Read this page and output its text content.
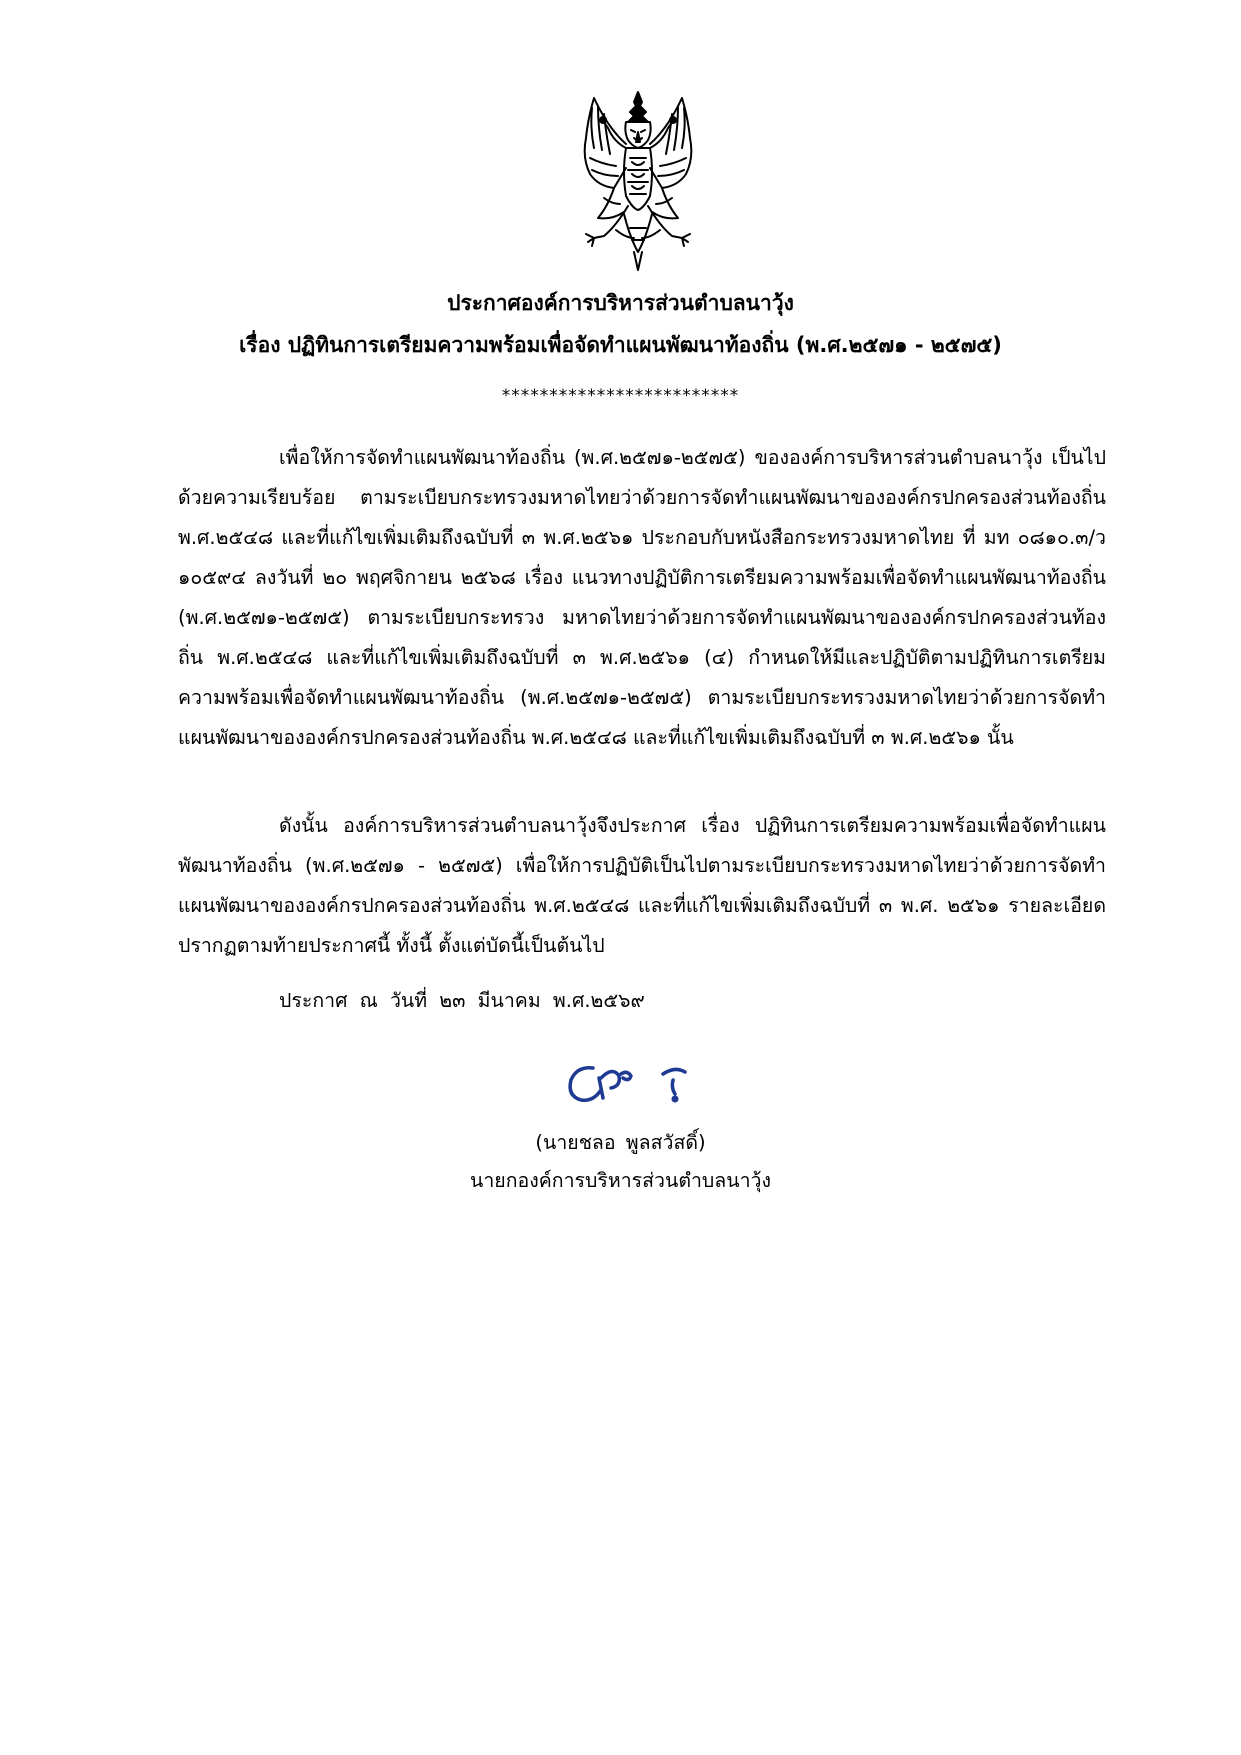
ประกาศองค์การบริหารส่วนตำบลนาวุ้ง
เรื่อง ปฏิทินการเตรียมความพร้อมเพื่อจัดทำแผนพัฒนาท้องถิ่น (พ.ศ.๒๕๗๑ - ๒๕๗๕)
*************************

เพื่อให้การจัดทำแผนพัฒนาท้องถิ่น (พ.ศ.๒๕๗๑-๒๕๗๕) ขององค์การบริหารส่วนตำบลนาวุ้ง เป็นไปด้วยความเรียบร้อย ตามระเบียบกระทรวงมหาดไทยว่าด้วยการจัดทำแผนพัฒนาขององค์กรปกครองส่วนท้องถิ่น พ.ศ.๒๕๔๘ และที่แก้ไขเพิ่มเติมถึงฉบับที่ ๓ พ.ศ.๒๕๖๑ ประกอบกับหนังสือกระทรวงมหาดไทย ที่ มท ๐๘๑๐.๓/ว ๑๐๕๙๔ ลงวันที่ ๒๐ พฤศจิกายน ๒๕๖๘ เรื่อง แนวทางปฏิบัติการเตรียมความพร้อมเพื่อจัดทำแผนพัฒนาท้องถิ่น (พ.ศ.๒๕๗๑-๒๕๗๕) ตามระเบียบกระทรวง มหาดไทยว่าด้วยการจัดทำแผนพัฒนาขององค์กรปกครองส่วนท้องถิ่น พ.ศ.๒๕๔๘ และที่แก้ไขเพิ่มเติมถึงฉบับที่ ๓ พ.ศ.๒๕๖๑ (๔) กำหนดให้มีและปฏิบัติตามปฏิทินการเตรียมความพร้อมเพื่อจัดทำแผนพัฒนาท้องถิ่น (พ.ศ.๒๕๗๑-๒๕๗๕) ตามระเบียบกระทรวงมหาดไทยว่าด้วยการจัดทำแผนพัฒนาขององค์กรปกครองส่วนท้องถิ่น พ.ศ.๒๕๔๘ และที่แก้ไขเพิ่มเติมถึงฉบับที่ ๓ พ.ศ.๒๕๖๑ นั้น

ดังนั้น องค์การบริหารส่วนตำบลนาวุ้งจึงประกาศ เรื่อง ปฏิทินการเตรียมความพร้อมเพื่อจัดทำแผนพัฒนาท้องถิ่น (พ.ศ.๒๕๗๑ - ๒๕๗๕) เพื่อให้การปฏิบัติเป็นไปตามระเบียบกระทรวงมหาดไทยว่าด้วยการจัดทำแผนพัฒนาขององค์กรปกครองส่วนท้องถิ่น พ.ศ.๒๕๔๘ และที่แก้ไขเพิ่มเติมถึงฉบับที่ ๓ พ.ศ. ๒๕๖๑ รายละเอียดปรากฏตามท้ายประกาศนี้ ทั้งนี้ ตั้งแต่บัดนี้เป็นต้นไป

ประกาศ ณ วันที่ ๒๓ มีนาคม พ.ศ.๒๕๖๙
(นายชลอ พูลสวัสดิ์)
นายกองค์การบริหารส่วนตำบลนาวุ้ง
